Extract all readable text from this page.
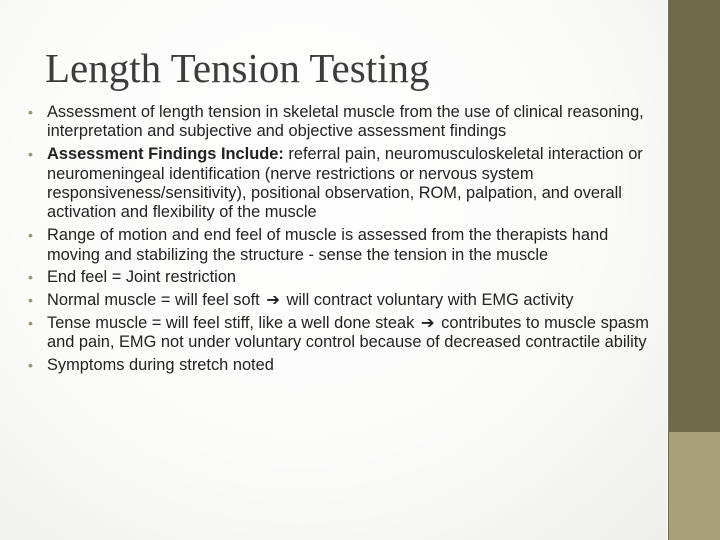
Length Tension Testing
• Assessment of length tension in skeletal muscle from the use of clinical reasoning, interpretation and subjective and objective assessment findings
• Assessment Findings Include: referral pain, neuromusculoskeletal interaction or neuromeningeal identification (nerve restrictions or nervous system responsiveness/sensitivity), positional observation, ROM, palpation, and overall activation and flexibility of the muscle
• Range of motion and end feel of muscle is assessed from the therapists hand moving and stabilizing the structure - sense the tension in the muscle
• End feel = Joint restriction
• Normal muscle = will feel soft ➔ will contract voluntary with EMG activity
• Tense muscle = will feel stiff, like a well done steak ➔ contributes to muscle spasm and pain, EMG not under voluntary control because of decreased contractile ability
• Symptoms during stretch noted
